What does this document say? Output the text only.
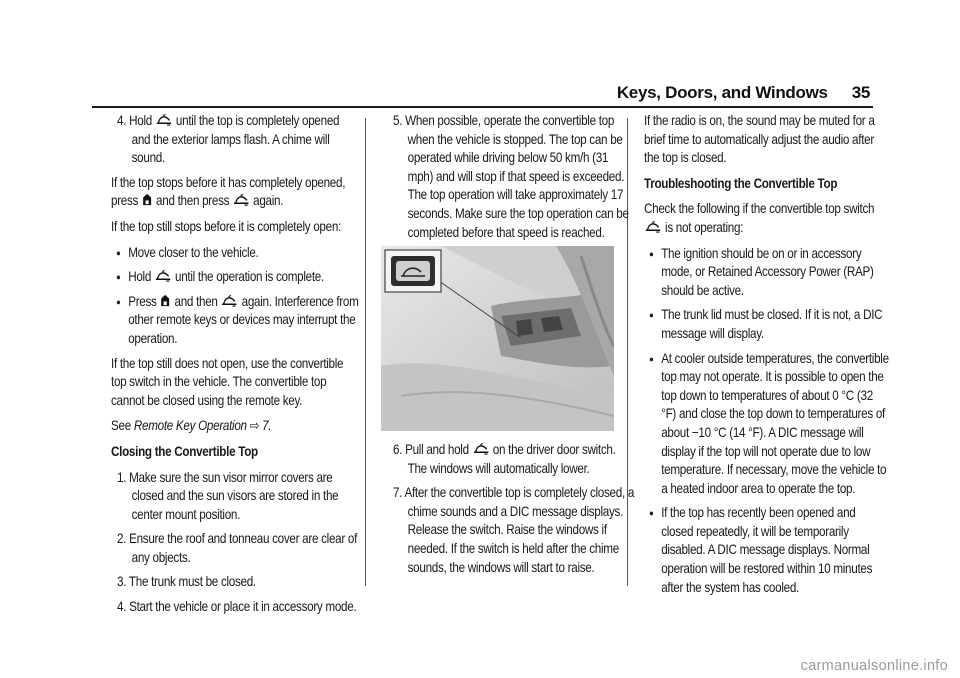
Keys, Doors, and Windows 35
4. Hold until the top is completely opened and the exterior lamps flash. A chime will sound.

If the top stops before it has completely opened, press and then press again.

If the top still stops before it is completely open:

● Move closer to the vehicle.
● Hold until the operation is complete.
● Press and then again. Interference from other remote keys or devices may interrupt the operation.

If the top still does not open, use the convertible top switch in the vehicle. The convertible top cannot be closed using the remote key.

See Remote Key Operation ⇨ 7.

Closing the Convertible Top

1. Make sure the sun visor mirror covers are closed and the sun visors are stored in the center mount position.
2. Ensure the roof and tonneau cover are clear of any objects.
3. The trunk must be closed.
4. Start the vehicle or place it in accessory mode.
5. When possible, operate the convertible top when the vehicle is stopped. The top can be operated while driving below 50 km/h (31 mph) and will stop if that speed is exceeded. The top operation will take approximately 17 seconds. Make sure the top operation can be completed before that speed is reached.
6. Pull and hold on the driver door switch. The windows will automatically lower.
7. After the convertible top is completely closed, a chime sounds and a DIC message displays. Release the switch. Raise the windows if needed. If the switch is held after the chime sounds, the windows will start to raise.

If the radio is on, the sound may be muted for a brief time to automatically adjust the audio after the top is closed.

Troubleshooting the Convertible Top

Check the following if the convertible top switch  is not operating:

● The ignition should be on or in accessory mode, or Retained Accessory Power (RAP) should be active.
● The trunk lid must be closed. If it is not, a DIC message will display.
● At cooler outside temperatures, the convertible top may not operate. It is possible to open the top down to temperatures of about 0 °C (32 °F) and close the top down to temperatures of about −10 °C (14 °F). A DIC message will display if the top will not operate due to low temperature. If necessary, move the vehicle to a heated indoor area to operate the top.
● If the top has recently been opened and closed repeatedly, it will be temporarily disabled. A DIC message displays. Normal operation will be restored within 10 minutes after the system has cooled.
carmanualsonline.info
